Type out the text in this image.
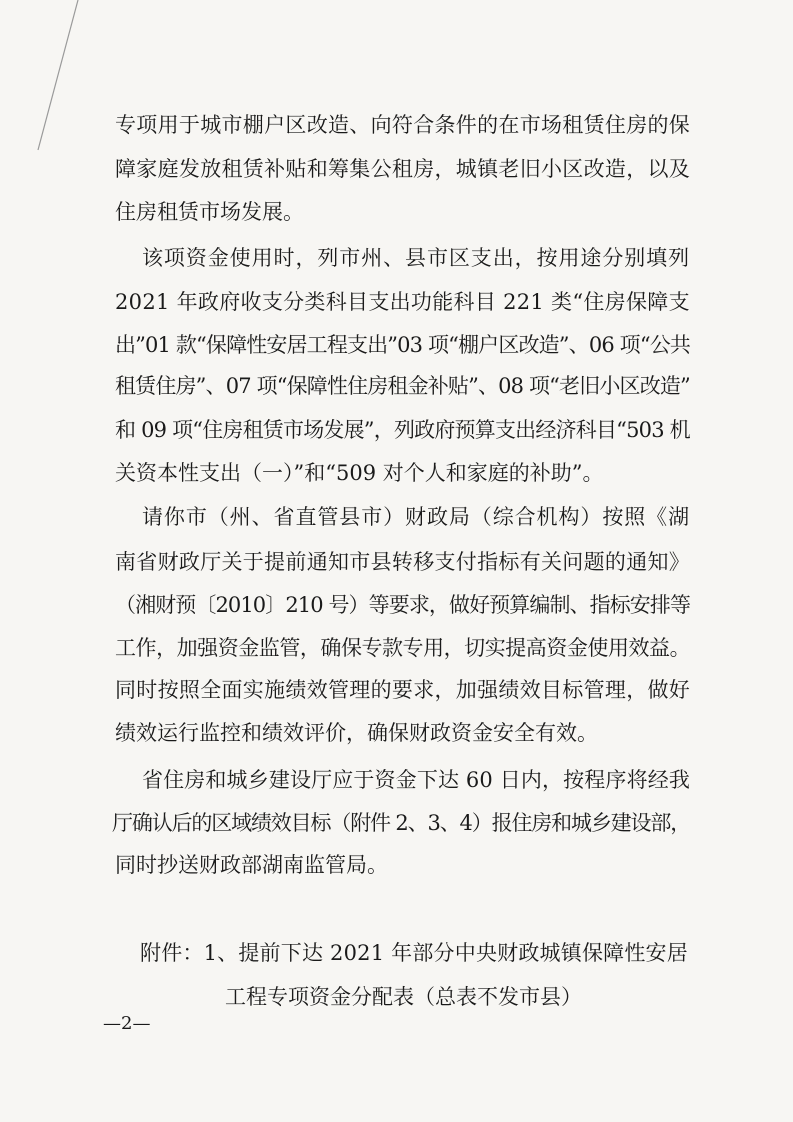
专项用于城市棚户区改造、向符合条件的在市场租赁住房的保
障家庭发放租赁补贴和筹集公租房，城镇老旧小区改造，以及
住房租赁市场发展。
该项资金使用时，列市州、县市区支出，按用途分别填列
2021 年政府收支分类科目支出功能科目 221 类“住房保障支
出”01 款“保障性安居工程支出”03 项“棚户区改造”、06 项“公共
租赁住房”、07 项“保障性住房租金补贴”、08 项“老旧小区改造”
和 09 项“住房租赁市场发展”，列政府预算支出经济科目“503 机
关资本性支出（一）”和“509 对个人和家庭的补助”。
请你市（州、省直管县市）财政局（综合机构）按照《湖
南省财政厅关于提前通知市县转移支付指标有关问题的通知》
（湘财预〔2010〕210 号）等要求，做好预算编制、指标安排等
工作，加强资金监管，确保专款专用，切实提高资金使用效益。
同时按照全面实施绩效管理的要求，加强绩效目标管理，做好
绩效运行监控和绩效评价，确保财政资金安全有效。
省住房和城乡建设厅应于资金下达 60 日内，按程序将经我
厅确认后的区域绩效目标（附件 2、3、4）报住房和城乡建设部，
同时抄送财政部湖南监管局。
附件：1、提前下达 2021 年部分中央财政城镇保障性安居
工程专项资金分配表（总表不发市县）
—2—
